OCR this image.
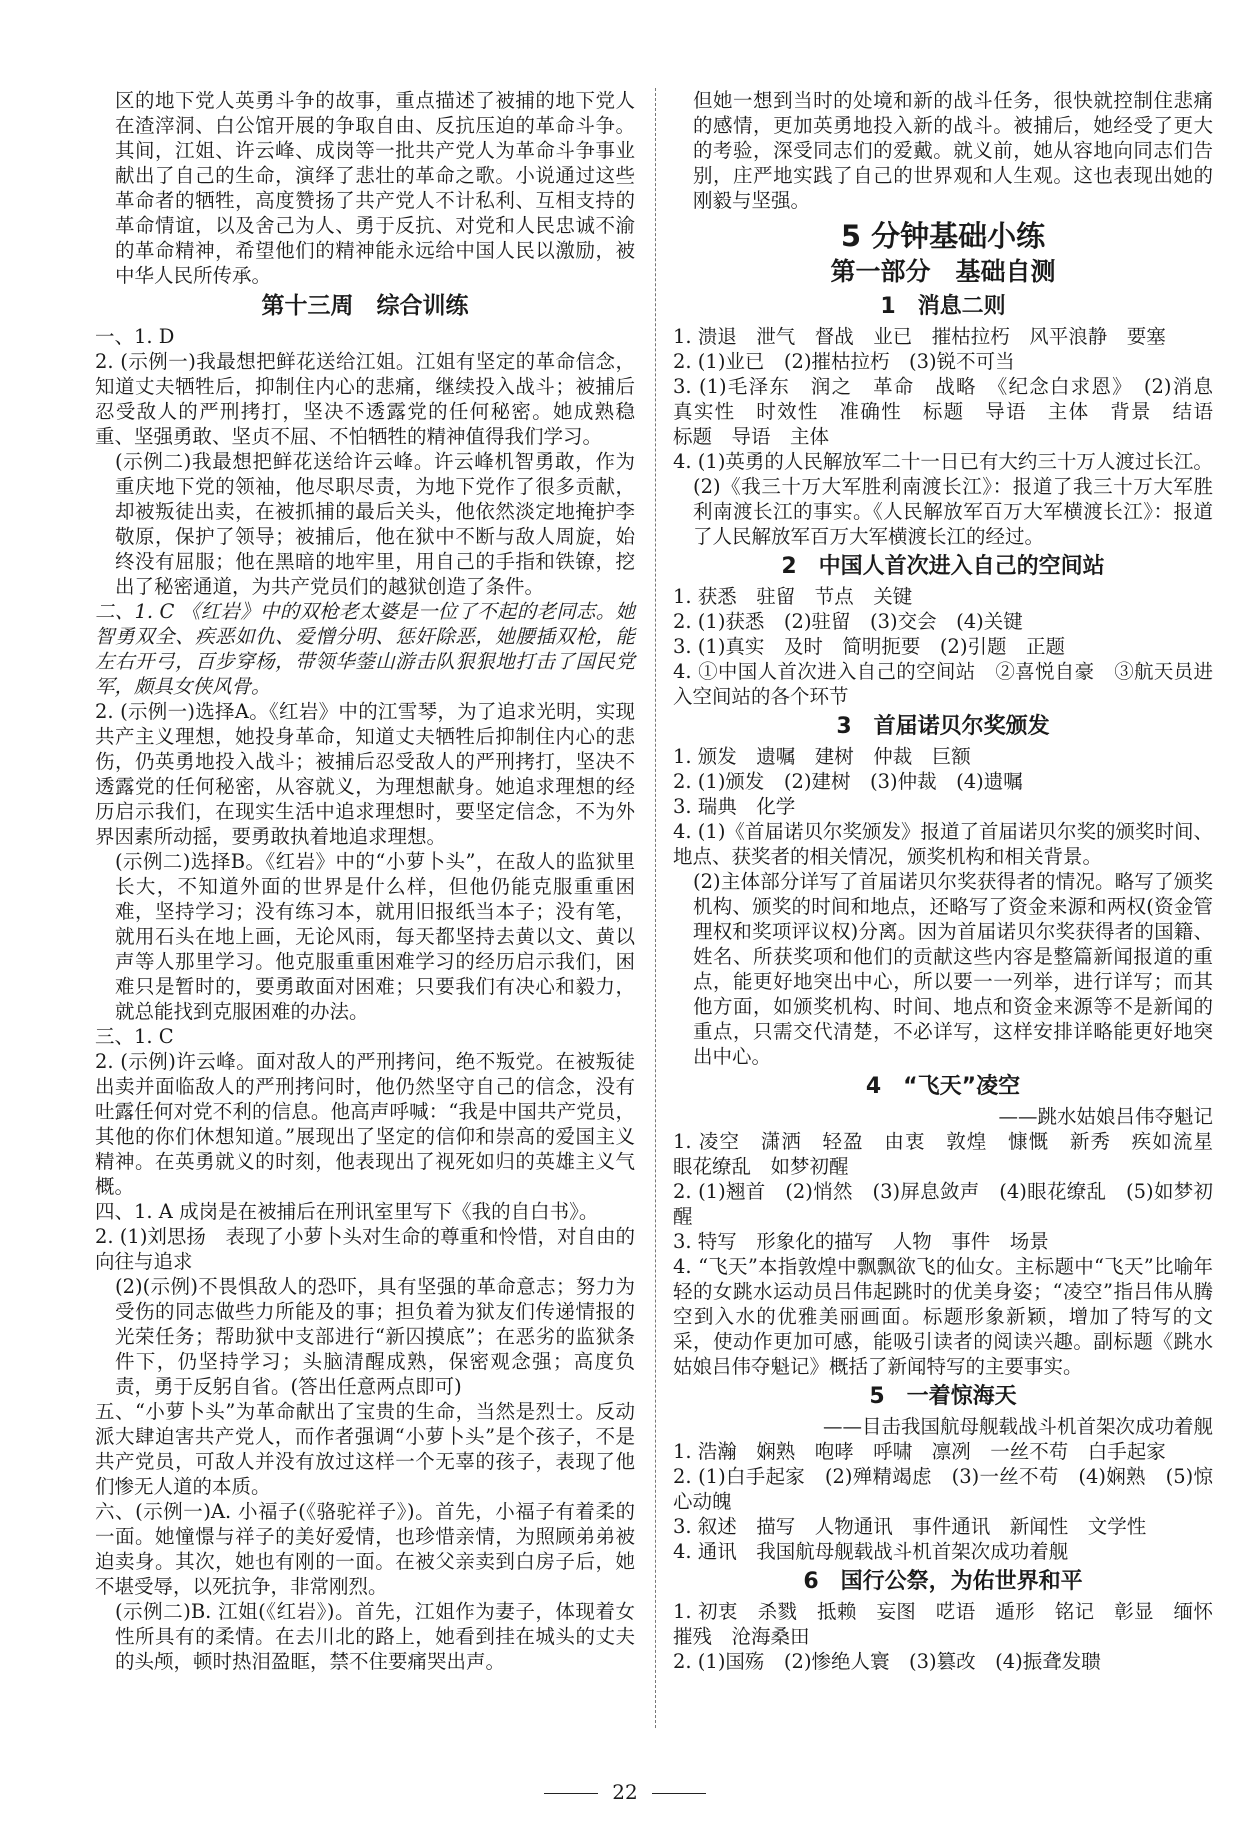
区的地下党人英勇斗争的故事，重点描述了被捕的地下党人在渣滓洞、白公馆开展的争取自由、反抗压迫的革命斗争。其间，江姐、许云峰、成岗等一批共产党人为革命斗争事业献出了自己的生命，演绎了悲壮的革命之歌。小说通过这些革命者的牺牲，高度赞扬了共产党人不计私利、互相支持的革命情谊，以及舍己为人、勇于反抗、对党和人民忠诚不渝的革命精神，希望他们的精神能永远给中国人民以激励，被中华人民所传承。

第十三周　综合训练

一、1. D

2. (示例一)我最想把鲜花送给江姐。江姐有坚定的革命信念，知道丈夫牺牲后，抑制住内心的悲痛，继续投入战斗；被捕后忍受敌人的严刑拷打，坚决不透露党的任何秘密。她成熟稳重、坚强勇敢、坚贞不屈、不怕牺牲的精神值得我们学习。

(示例二)我最想把鲜花送给许云峰。许云峰机智勇敢，作为重庆地下党的领袖，他尽职尽责，为地下党作了很多贡献，却被叛徒出卖，在被抓捕的最后关头，他依然淡定地掩护李敬原，保护了领导；被捕后，他在狱中不断与敌人周旋，始终没有屈服；他在黑暗的地牢里，用自己的手指和铁镣，挖出了秘密通道，为共产党员们的越狱创造了条件。

二、1. C 《红岩》中的双枪老太婆是一位了不起的老同志。她智勇双全、疾恶如仇、爱憎分明、惩奸除恶，她腰插双枪，能左右开弓，百步穿杨，带领华蓥山游击队狠狠地打击了国民党军，颇具女侠风骨。

2. (示例一)选择A。《红岩》中的江雪琴，为了追求光明，实现共产主义理想，她投身革命，知道丈夫牺牲后抑制住内心的悲伤，仍英勇地投入战斗；被捕后忍受敌人的严刑拷打，坚决不透露党的任何秘密，从容就义，为理想献身。她追求理想的经历启示我们，在现实生活中追求理想时，要坚定信念，不为外界因素所动摇，要勇敢执着地追求理想。

(示例二)选择B。《红岩》中的“小萝卜头”，在敌人的监狱里长大，不知道外面的世界是什么样，但他仍能克服重重困难，坚持学习；没有练习本，就用旧报纸当本子；没有笔，就用石头在地上画，无论风雨，每天都坚持去黄以文、黄以声等人那里学习。他克服重重困难学习的经历启示我们，困难只是暂时的，要勇敢面对困难；只要我们有决心和毅力，就总能找到克服困难的办法。

三、1. C

2. (示例)许云峰。面对敌人的严刑拷问，绝不叛党。在被叛徒出卖并面临敌人的严刑拷问时，他仍然坚守自己的信念，没有吐露任何对党不利的信息。他高声呼喊：“我是中国共产党员，其他的你们休想知道。”展现出了坚定的信仰和崇高的爱国主义精神。在英勇就义的时刻，他表现出了视死如归的英雄主义气概。

四、1. A 成岗是在被捕后在刑讯室里写下《我的自白书》。

2. (1)刘思扬　表现了小萝卜头对生命的尊重和怜惜，对自由的向往与追求

(2)(示例)不畏惧敌人的恐吓，具有坚强的革命意志；努力为受伤的同志做些力所能及的事；担负着为狱友们传递情报的光荣任务；帮助狱中支部进行“新囚摸底”；在恶劣的监狱条件下，仍坚持学习；头脑清醒成熟，保密观念强；高度负责，勇于反躬自省。(答出任意两点即可)

五、“小萝卜头”为革命献出了宝贵的生命，当然是烈士。反动派大肆迫害共产党人，而作者强调“小萝卜头”是个孩子，不是共产党员，可敌人并没有放过这样一个无辜的孩子，表现了他们惨无人道的本质。

六、(示例一)A. 小福子(《骆驼祥子》)。首先，小福子有着柔的一面。她憧憬与祥子的美好爱情，也珍惜亲情，为照顾弟弟被迫卖身。其次，她也有刚的一面。在被父亲卖到白房子后，她不堪受辱，以死抗争，非常刚烈。

(示例二)B. 江姐(《红岩》)。首先，江姐作为妻子，体现着女性所具有的柔情。在去川北的路上，她看到挂在城头的丈夫的头颅，顿时热泪盈眶，禁不住要痛哭出声。

但她一想到当时的处境和新的战斗任务，很快就控制住悲痛的感情，更加英勇地投入新的战斗。被捕后，她经受了更大的考验，深受同志们的爱戴。就义前，她从容地向同志们告别，庄严地实践了自己的世界观和人生观。这也表现出她的刚毅与坚强。

5 分钟基础小练
第一部分　基础自测
1　消息二则

1. 溃退　泄气　督战　业已　摧枯拉朽　风平浪静　要塞

2. (1)业已　(2)摧枯拉朽　(3)锐不可当

3. (1)毛泽东　润之　革命　战略　《纪念白求恩》　(2)消息　真实性　时效性　准确性　标题　导语　主体　背景　结语　标题　导语　主体

4. (1)英勇的人民解放军二十一日已有大约三十万人渡过长江。

(2)《我三十万大军胜利南渡长江》：报道了我三十万大军胜利南渡长江的事实。《人民解放军百万大军横渡长江》：报道了人民解放军百万大军横渡长江的经过。

2　中国人首次进入自己的空间站

1. 获悉　驻留　节点　关键

2. (1)获悉　(2)驻留　(3)交会　(4)关键

3. (1)真实　及时　简明扼要　(2)引题　正题

4. ①中国人首次进入自己的空间站　②喜悦自豪　③航天员进入空间站的各个环节

3　首届诺贝尔奖颁发

1. 颁发　遗嘱　建树　仲裁　巨额

2. (1)颁发　(2)建树　(3)仲裁　(4)遗嘱

3. 瑞典　化学

4. (1)《首届诺贝尔奖颁发》报道了首届诺贝尔奖的颁奖时间、地点、获奖者的相关情况，颁奖机构和相关背景。

(2)主体部分详写了首届诺贝尔奖获得者的情况。略写了颁奖机构、颁奖的时间和地点，还略写了资金来源和两权(资金管理权和奖项评议权)分离。因为首届诺贝尔奖获得者的国籍、姓名、所获奖项和他们的贡献这些内容是整篇新闻报道的重点，能更好地突出中心，所以要一一列举，进行详写；而其他方面，如颁奖机构、时间、地点和资金来源等不是新闻的重点，只需交代清楚，不必详写，这样安排详略能更好地突出中心。

4　“飞天”凌空

——跳水姑娘吕伟夺魁记

1. 凌空　潇洒　轻盈　由衷　敦煌　慷慨　新秀　疾如流星　眼花缭乱　如梦初醒

2. (1)翘首　(2)悄然　(3)屏息敛声　(4)眼花缭乱　(5)如梦初醒

3. 特写　形象化的描写　人物　事件　场景

4. “飞天”本指敦煌中飘飘欲飞的仙女。主标题中“飞天”比喻年轻的女跳水运动员吕伟起跳时的优美身姿；“凌空”指吕伟从腾空到入水的优雅美丽画面。标题形象新颖，增加了特写的文采，使动作更加可感，能吸引读者的阅读兴趣。副标题《跳水姑娘吕伟夺魁记》概括了新闻特写的主要事实。

5　一着惊海天

——目击我国航母舰载战斗机首架次成功着舰

1. 浩瀚　娴熟　咆哮　呼啸　凛冽　一丝不苟　白手起家

2. (1)白手起家　(2)殚精竭虑　(3)一丝不苟　(4)娴熟　(5)惊心动魄

3. 叙述　描写　人物通讯　事件通讯　新闻性　文学性

4. 通讯　我国航母舰载战斗机首架次成功着舰

6　国行公祭，为佑世界和平

1. 初衷　杀戮　抵赖　妄图　呓语　遁形　铭记　彰显　缅怀　摧残　沧海桑田

2. (1)国殇　(2)惨绝人寰　(3)篡改　(4)振聋发聩

22
